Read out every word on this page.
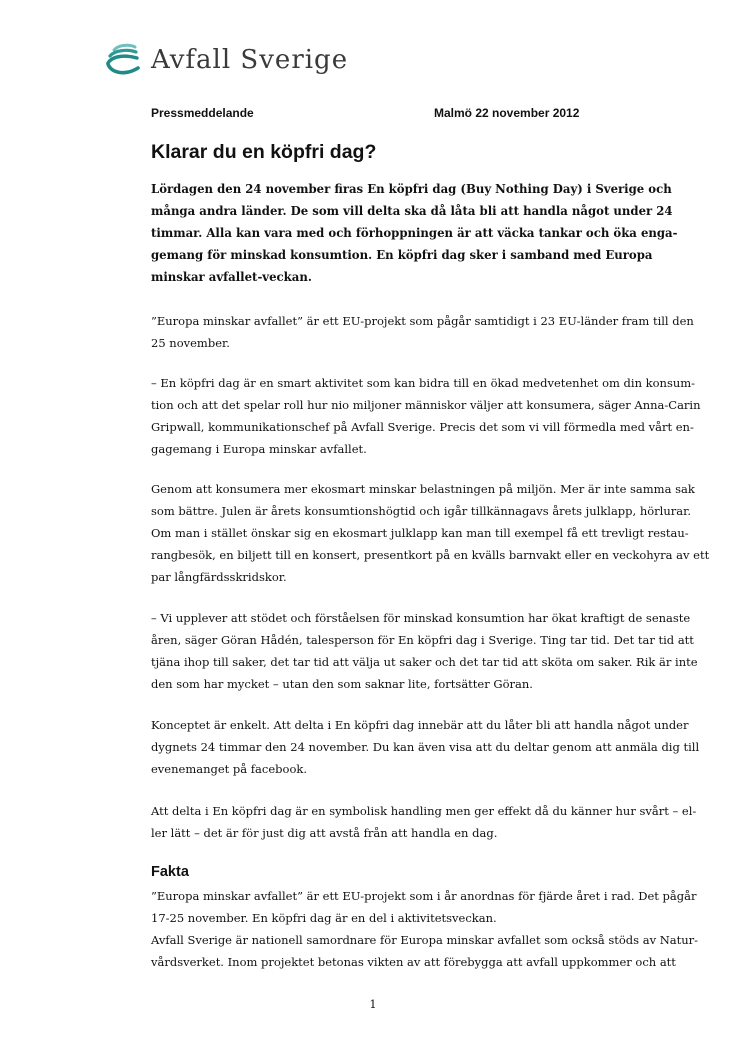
Avfall Sverige
Pressmeddelande	Malmö 22 november 2012
Klarar du en köpfri dag?
Lördagen den 24 november firas En köpfri dag (Buy Nothing Day) i Sverige och
många andra länder. De som vill delta ska då låta bli att handla något under 24
timmar. Alla kan vara med och förhoppningen är att väcka tankar och öka enga-
gemang för minskad konsumtion. En köpfri dag sker i samband med Europa
minskar avfallet-veckan.
”Europa minskar avfallet” är ett EU-projekt som pågår samtidigt i 23 EU-länder fram till den
25 november.
– En köpfri dag är en smart aktivitet som kan bidra till en ökad medvetenhet om din konsum-
tion och att det spelar roll hur nio miljoner människor väljer att konsumera, säger Anna-Carin
Gripwall, kommunikationschef på Avfall Sverige. Precis det som vi vill förmedla med vårt en-
gagemang i Europa minskar avfallet.
Genom att konsumera mer ekosmart minskar belastningen på miljön. Mer är inte samma sak
som bättre. Julen är årets konsumtionshögtid och igår tillkännagavs årets julklapp, hörlurar.
Om man i stället önskar sig en ekosmart julklapp kan man till exempel få ett trevligt restau-
rangbesök, en biljett till en konsert, presentkort på en kvälls barnvakt eller en veckohyra av ett
par långfärdsskridskor.
– Vi upplever att stödet och förståelsen för minskad konsumtion har ökat kraftigt de senaste
åren, säger Göran Hådén, talesperson för En köpfri dag i Sverige. Ting tar tid. Det tar tid att
tjäna ihop till saker, det tar tid att välja ut saker och det tar tid att sköta om saker. Rik är inte
den som har mycket – utan den som saknar lite, fortsätter Göran.
Konceptet är enkelt. Att delta i En köpfri dag innebär att du låter bli att handla något under
dygnets 24 timmar den 24 november. Du kan även visa att du deltar genom att anmäla dig till
evenemanget på facebook.
Att delta i En köpfri dag är en symbolisk handling men ger effekt då du känner hur svårt – el-
ler lätt – det är för just dig att avstå från att handla en dag.
Fakta
”Europa minskar avfallet” är ett EU-projekt som i år anordnas för fjärde året i rad. Det pågår
17-25 november. En köpfri dag är en del i aktivitetsveckan.
Avfall Sverige är nationell samordnare för Europa minskar avfallet som också stöds av Natur-
vårdsverket. Inom projektet betonas vikten av att förebygga att avfall uppkommer och att
1
